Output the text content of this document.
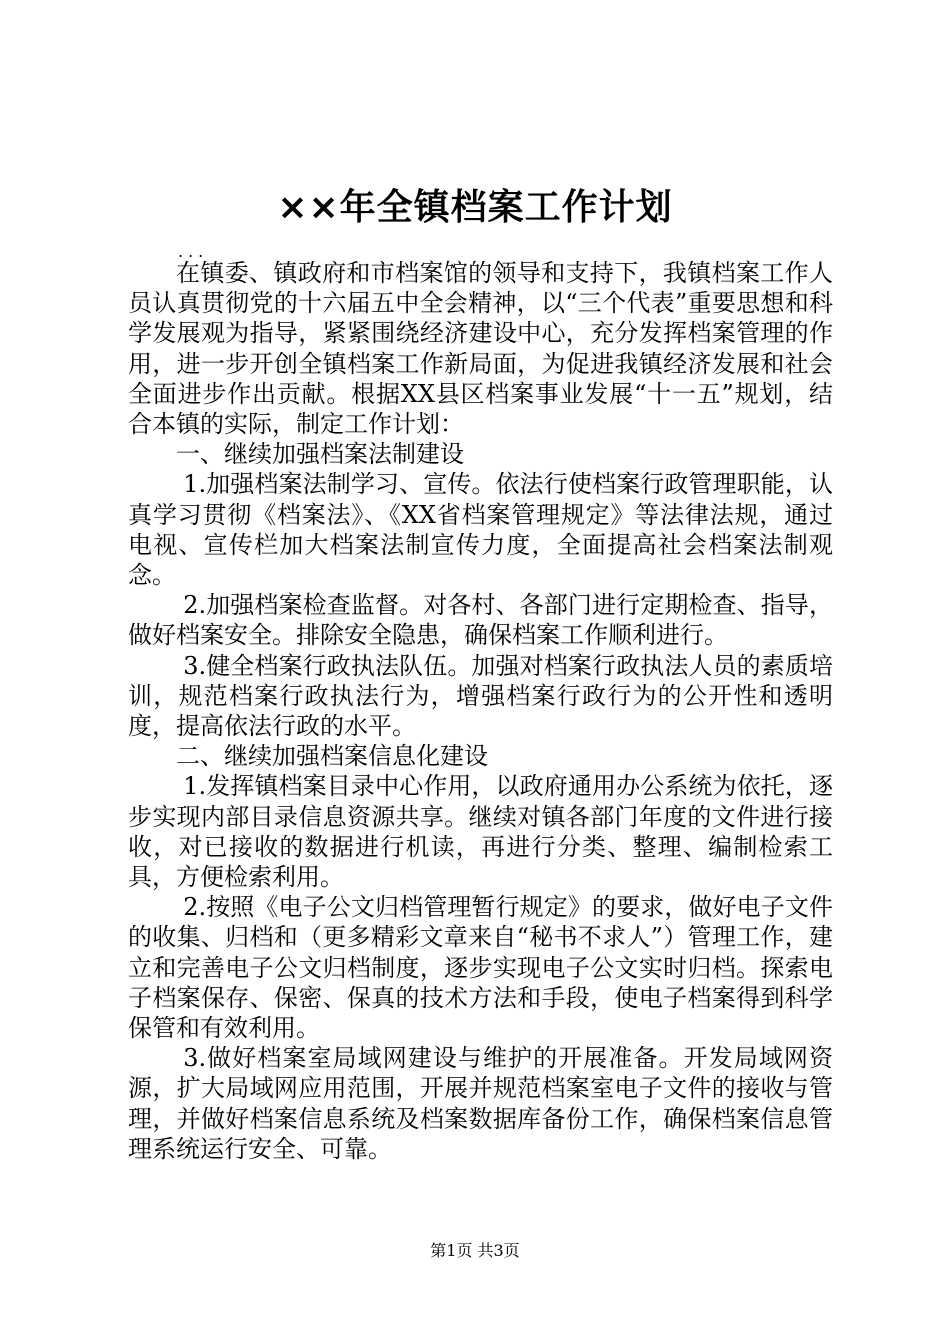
××年全镇档案工作计划
...

在镇委、镇政府和市档案馆的领导和支持下，我镇档案工作人员认真贯彻党的十六届五中全会精神，以“三个代表”重要思想和科学发展观为指导，紧紧围绕经济建设中心，充分发挥档案管理的作用，进一步开创全镇档案工作新局面，为促进我镇经济发展和社会全面进步作出贡献。根据XX县区档案事业发展“十一五”规划，结合本镇的实际，制定工作计划：

一、继续加强档案法制建设

1.加强档案法制学习、宣传。依法行使档案行政管理职能，认真学习贯彻《档案法》、《XX省档案管理规定》等法律法规，通过电视、宣传栏加大档案法制宣传力度，全面提高社会档案法制观念。

2.加强档案检查监督。对各村、各部门进行定期检查、指导，做好档案安全。排除安全隐患，确保档案工作顺利进行。

3.健全档案行政执法队伍。加强对档案行政执法人员的素质培训，规范档案行政执法行为，增强档案行政行为的公开性和透明度，提高依法行政的水平。

二、继续加强档案信息化建设

1.发挥镇档案目录中心作用，以政府通用办公系统为依托，逐步实现内部目录信息资源共享。继续对镇各部门年度的文件进行接收，对已接收的数据进行机读，再进行分类、整理、编制检索工具，方便检索利用。

2.按照《电子公文归档管理暂行规定》的要求，做好电子文件的收集、归档和（更多精彩文章来自“秘书不求人”）管理工作，建立和完善电子公文归档制度，逐步实现电子公文实时归档。探索电子档案保存、保密、保真的技术方法和手段，使电子档案得到科学保管和有效利用。

3.做好档案室局域网建设与维护的开展准备。开发局域网资源，扩大局域网应用范围，开展并规范档案室电子文件的接收与管理，并做好档案信息系统及档案数据库备份工作，确保档案信息管理系统运行安全、可靠。

第1页 共3页
